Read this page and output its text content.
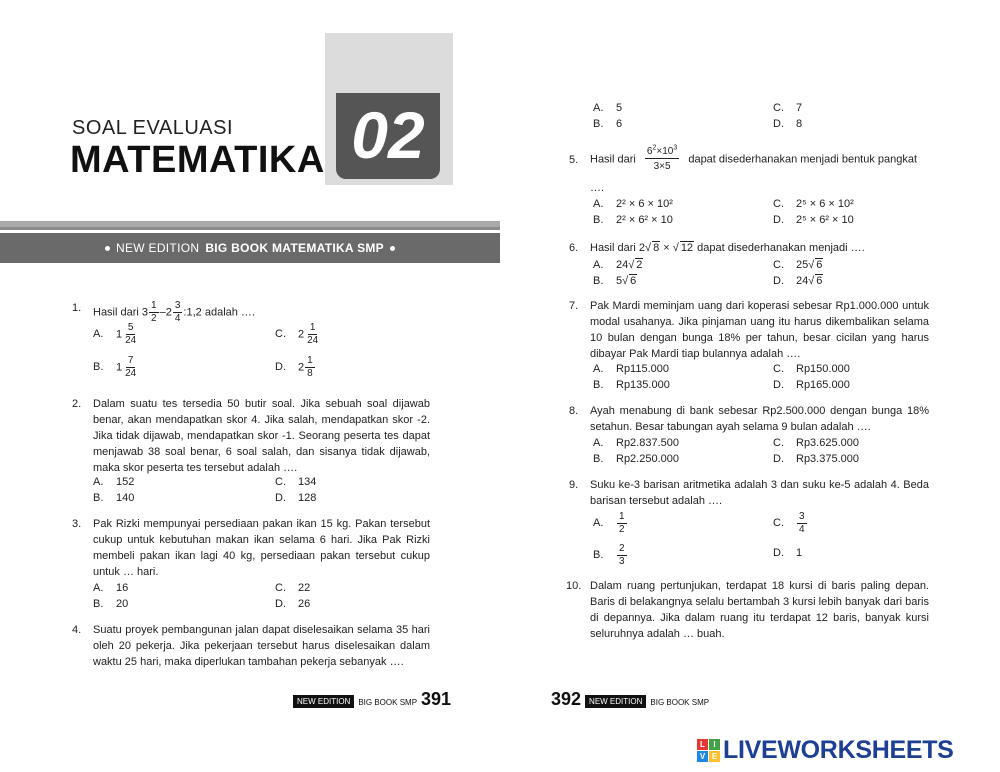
SOAL EVALUASI
MATEMATIKA 02
NEW EDITION BIG BOOK MATEMATIKA SMP
1. Hasil dari $3 \frac{1}{2} -2 \frac{3}{4}$ :1,2 adalah ….
A. $1 \frac{5}{24}$	C. $2 \frac{1}{24}$
B. $1 \frac{7}{24}$	D. $2 \frac{1}{8}$
2. Dalam suatu tes tersedia 50 butir soal. Jika sebuah soal dijawab benar, akan mendapatkan skor 4. Jika salah, mendapatkan skor -2. Jika tidak dijawab, mendapatkan skor -1. Seorang peserta tes dapat menjawab 38 soal benar, 6 soal salah, dan sisanya tidak dijawab, maka skor peserta tes tersebut adalah ….
A. 152	C. 134
B. 140	D. 128
3. Pak Rizki mempunyai persediaan pakan ikan 15 kg. Pakan tersebut cukup untuk kebutuhan makan ikan selama 6 hari. Jika Pak Rizki membeli pakan ikan lagi 40 kg, persediaan pakan tersebut cukup untuk … hari.
A. 16	C. 22
B. 20	D. 26
4. Suatu proyek pembangunan jalan dapat diselesaikan selama 35 hari oleh 20 pekerja. Jika pekerjaan tersebut harus diselesaikan dalam waktu 25 hari, maka diperlukan tambahan pekerja sebanyak ….
A. 5	C. 7
B. 6	D. 8
5. Hasil dari $\frac{6^2\times 10^3}{3\times 5}$ dapat disederhanakan menjadi bentuk pangkat
….
A. 2² × 6 × 10²	C. 2⁵ × 6 × 10²
B. 2² × 6² × 10	D. 2⁵ × 6² × 10
6. Hasil dari 2√ 8 × √ 12 dapat disederhanakan menjadi ….
A. 24√ 2	C. 25√ 6
B. 5√ 6	D. 24√ 6
7. Pak Mardi meminjam uang dari koperasi sebesar Rp1.000.000 untuk modal usahanya. Jika pinjaman uang itu harus dikembalikan selama 10 bulan dengan bunga 18% per tahun, besar cicilan yang harus dibayar Pak Mardi tiap bulannya adalah ….
A. Rp115.000	C. Rp150.000
B. Rp135.000	D. Rp165.000
8. Ayah menabung di bank sebesar Rp2.500.000 dengan bunga 18% setahun. Besar tabungan ayah selama 9 bulan adalah ….
A. Rp2.837.500	C. Rp3.625.000
B. Rp2.250.000	D. Rp3.375.000
9. Suku ke-3 barisan aritmetika adalah 3 dan suku ke-5 adalah 4. Beda barisan tersebut adalah ….
A. $\frac{1}{2}$	C. $\frac{3}{4}$
B. $\frac{2}{3}$	D. 1
10. Dalam ruang pertunjukan, terdapat 18 kursi di baris paling depan. Baris di belakangnya selalu bertambah 3 kursi lebih banyak dari baris di depannya. Jika dalam ruang itu terdapat 12 baris, banyak kursi seluruhnya adalah … buah.
NEW EDITION	BIG BOOK SMP 391	392	NEW EDITION	BIG BOOK SMP
L	I
V E LIVEWORKSHEETS
